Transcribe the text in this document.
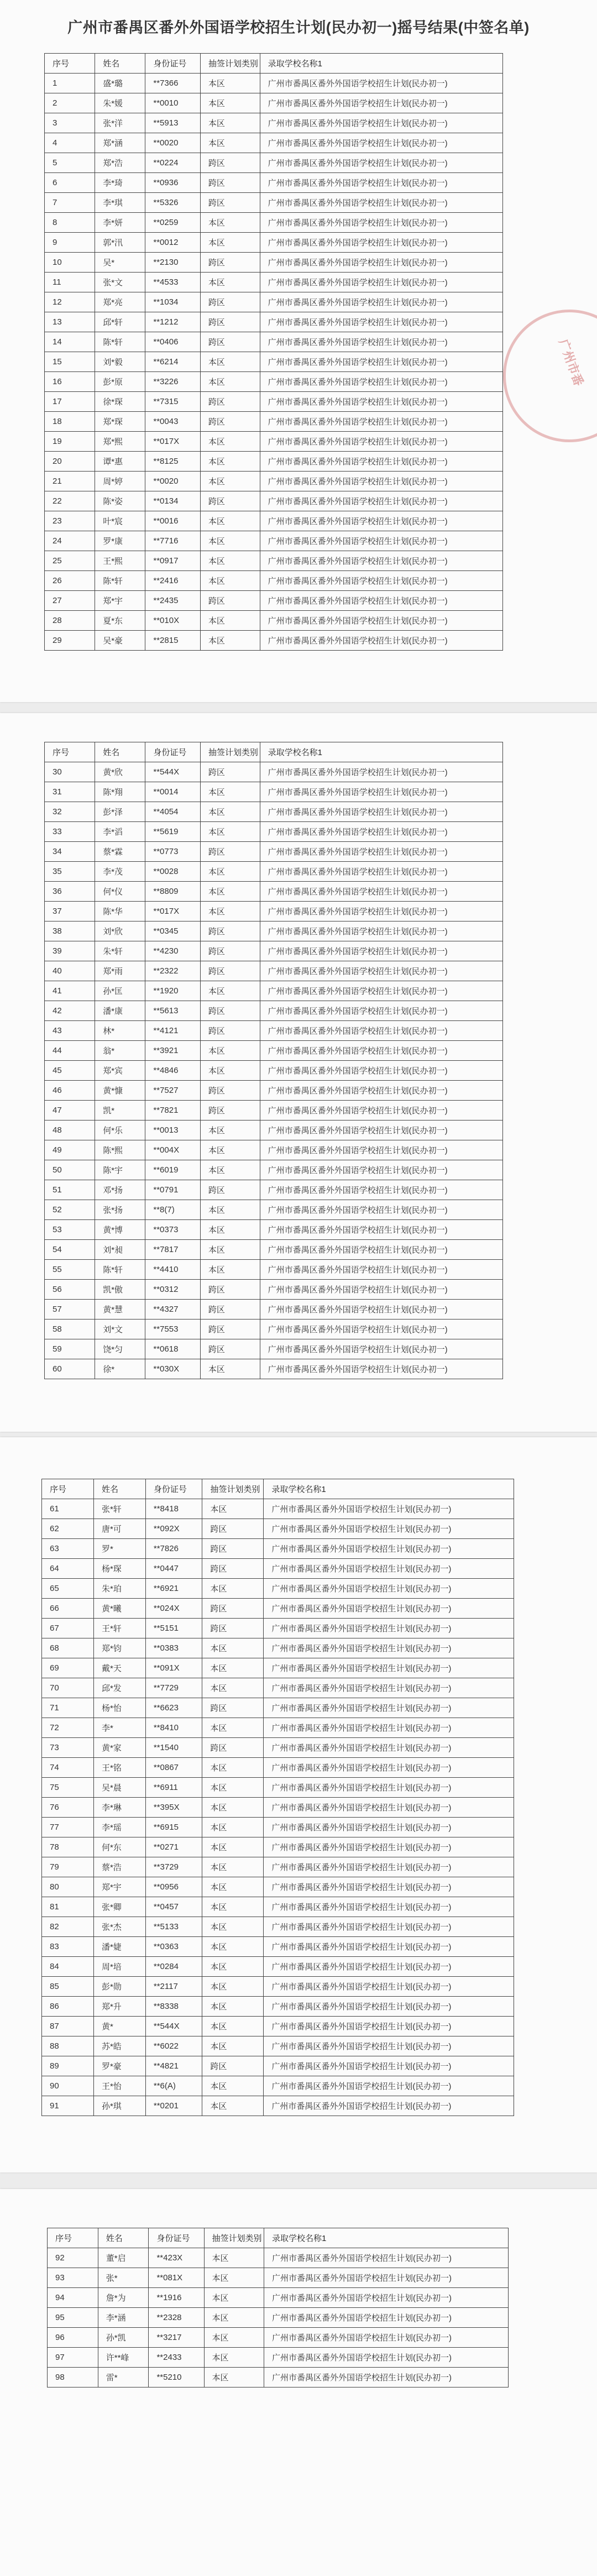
广州市番禺区番外外国语学校招生计划(民办初一)摇号结果(中签名单)
序号	姓名	身份证号	抽签计划类别	录取学校名称1
1	盛*璐	**7366	本区	广州市番禺区番外外国语学校招生计划(民办初一)
2	朱*媛	**0010	本区	广州市番禺区番外外国语学校招生计划(民办初一)
3	张*洋	**5913	本区	广州市番禺区番外外国语学校招生计划(民办初一)
4	郑*涵	**0020	本区	广州市番禺区番外外国语学校招生计划(民办初一)
5	郑*浩	**0224	跨区	广州市番禺区番外外国语学校招生计划(民办初一)
6	李*琦	**0936	跨区	广州市番禺区番外外国语学校招生计划(民办初一)
7	李*琪	**5326	跨区	广州市番禺区番外外国语学校招生计划(民办初一)
8	李*妍	**0259	本区	广州市番禺区番外外国语学校招生计划(民办初一)
9	郭*汛	**0012	本区	广州市番禺区番外外国语学校招生计划(民办初一)
10	吴*	**2130	跨区	广州市番禺区番外外国语学校招生计划(民办初一)
11	张*文	**4533	本区	广州市番禺区番外外国语学校招生计划(民办初一)
12	郑*亮	**1034	跨区	广州市番禺区番外外国语学校招生计划(民办初一)
13	邱*轩	**1212	跨区	广州市番禺区番外外国语学校招生计划(民办初一)
14	陈*轩	**0406	跨区	广州市番禺区番外外国语学校招生计划(民办初一)
15	刘*毅	**6214	本区	广州市番禺区番外外国语学校招生计划(民办初一)
16	彭*原	**3226	本区	广州市番禺区番外外国语学校招生计划(民办初一)
17	徐*琛	**7315	跨区	广州市番禺区番外外国语学校招生计划(民办初一)
18	郑*琛	**0043	跨区	广州市番禺区番外外国语学校招生计划(民办初一)
19	郑*熙	**017X	本区	广州市番禺区番外外国语学校招生计划(民办初一)
20	谭*惠	**8125	本区	广州市番禺区番外外国语学校招生计划(民办初一)
21	周*婷	**0020	本区	广州市番禺区番外外国语学校招生计划(民办初一)
22	陈*姿	**0134	跨区	广州市番禺区番外外国语学校招生计划(民办初一)
23	叶*宸	**0016	本区	广州市番禺区番外外国语学校招生计划(民办初一)
24	罗*康	**7716	本区	广州市番禺区番外外国语学校招生计划(民办初一)
25	王*熙	**0917	本区	广州市番禺区番外外国语学校招生计划(民办初一)
26	陈*轩	**2416	本区	广州市番禺区番外外国语学校招生计划(民办初一)
27	郑*宇	**2435	跨区	广州市番禺区番外外国语学校招生计划(民办初一)
28	夏*东	**010X	本区	广州市番禺区番外外国语学校招生计划(民办初一)
29	吴*豪	**2815	本区	广州市番禺区番外外国语学校招生计划(民办初一)
广州市番
序号	姓名	身份证号	抽签计划类别	录取学校名称1
30	黄*欣	**544X	跨区	广州市番禺区番外外国语学校招生计划(民办初一)
31	陈*翔	**0014	本区	广州市番禺区番外外国语学校招生计划(民办初一)
32	彭*泽	**4054	本区	广州市番禺区番外外国语学校招生计划(民办初一)
33	李*滔	**5619	本区	广州市番禺区番外外国语学校招生计划(民办初一)
34	蔡*霖	**0773	跨区	广州市番禺区番外外国语学校招生计划(民办初一)
35	李*茂	**0028	本区	广州市番禺区番外外国语学校招生计划(民办初一)
36	何*仪	**8809	本区	广州市番禺区番外外国语学校招生计划(民办初一)
37	陈*华	**017X	本区	广州市番禺区番外外国语学校招生计划(民办初一)
38	刘*欣	**0345	跨区	广州市番禺区番外外国语学校招生计划(民办初一)
39	朱*轩	**4230	跨区	广州市番禺区番外外国语学校招生计划(民办初一)
40	郑*雨	**2322	跨区	广州市番禺区番外外国语学校招生计划(民办初一)
41	孙*匡	**1920	本区	广州市番禺区番外外国语学校招生计划(民办初一)
42	潘*康	**5613	跨区	广州市番禺区番外外国语学校招生计划(民办初一)
43	林*	**4121	跨区	广州市番禺区番外外国语学校招生计划(民办初一)
44	翁*	**3921	本区	广州市番禺区番外外国语学校招生计划(民办初一)
45	郑*宾	**4846	本区	广州市番禺区番外外国语学校招生计划(民办初一)
46	黄*慷	**7527	跨区	广州市番禺区番外外国语学校招生计划(民办初一)
47	凯*	**7821	跨区	广州市番禺区番外外国语学校招生计划(民办初一)
48	何*乐	**0013	本区	广州市番禺区番外外国语学校招生计划(民办初一)
49	陈*熙	**004X	本区	广州市番禺区番外外国语学校招生计划(民办初一)
50	陈*宇	**6019	本区	广州市番禺区番外外国语学校招生计划(民办初一)
51	邓*扬	**0791	跨区	广州市番禺区番外外国语学校招生计划(民办初一)
52	张*扬	**8(7)	本区	广州市番禺区番外外国语学校招生计划(民办初一)
53	黄*博	**0373	本区	广州市番禺区番外外国语学校招生计划(民办初一)
54	刘*昶	**7817	本区	广州市番禺区番外外国语学校招生计划(民办初一)
55	陈*轩	**4410	本区	广州市番禺区番外外国语学校招生计划(民办初一)
56	凯*傲	**0312	跨区	广州市番禺区番外外国语学校招生计划(民办初一)
57	黄*慧	**4327	跨区	广州市番禺区番外外国语学校招生计划(民办初一)
58	刘*文	**7553	跨区	广州市番禺区番外外国语学校招生计划(民办初一)
59	饶*匀	**0618	跨区	广州市番禺区番外外国语学校招生计划(民办初一)
60	徐*	**030X	本区	广州市番禺区番外外国语学校招生计划(民办初一)
序号	姓名	身份证号	抽签计划类别	录取学校名称1
61	张*轩	**8418	本区	广州市番禺区番外外国语学校招生计划(民办初一)
62	唐*可	**092X	跨区	广州市番禺区番外外国语学校招生计划(民办初一)
63	罗*	**7826	跨区	广州市番禺区番外外国语学校招生计划(民办初一)
64	杨*琛	**0447	跨区	广州市番禺区番外外国语学校招生计划(民办初一)
65	朱*珀	**6921	本区	广州市番禺区番外外国语学校招生计划(民办初一)
66	黄*曦	**024X	跨区	广州市番禺区番外外国语学校招生计划(民办初一)
67	王*轩	**5151	跨区	广州市番禺区番外外国语学校招生计划(民办初一)
68	郑*钧	**0383	本区	广州市番禺区番外外国语学校招生计划(民办初一)
69	戴*天	**091X	本区	广州市番禺区番外外国语学校招生计划(民办初一)
70	邱*发	**7729	本区	广州市番禺区番外外国语学校招生计划(民办初一)
71	杨*怡	**6623	跨区	广州市番禺区番外外国语学校招生计划(民办初一)
72	李*	**8410	本区	广州市番禺区番外外国语学校招生计划(民办初一)
73	黄*家	**1540	跨区	广州市番禺区番外外国语学校招生计划(民办初一)
74	王*铭	**0867	本区	广州市番禺区番外外国语学校招生计划(民办初一)
75	吴*晨	**6911	本区	广州市番禺区番外外国语学校招生计划(民办初一)
76	李*琳	**395X	本区	广州市番禺区番外外国语学校招生计划(民办初一)
77	李*瑶	**6915	本区	广州市番禺区番外外国语学校招生计划(民办初一)
78	何*东	**0271	本区	广州市番禺区番外外国语学校招生计划(民办初一)
79	蔡*浩	**3729	本区	广州市番禺区番外外国语学校招生计划(民办初一)
80	郑*宇	**0956	本区	广州市番禺区番外外国语学校招生计划(民办初一)
81	张*卿	**0457	本区	广州市番禺区番外外国语学校招生计划(民办初一)
82	张*杰	**5133	本区	广州市番禺区番外外国语学校招生计划(民办初一)
83	潘*婕	**0363	本区	广州市番禺区番外外国语学校招生计划(民办初一)
84	周*培	**0284	本区	广州市番禺区番外外国语学校招生计划(民办初一)
85	彭*勋	**2117	本区	广州市番禺区番外外国语学校招生计划(民办初一)
86	郑*升	**8338	本区	广州市番禺区番外外国语学校招生计划(民办初一)
87	黄*	**544X	本区	广州市番禺区番外外国语学校招生计划(民办初一)
88	苏*皓	**6022	本区	广州市番禺区番外外国语学校招生计划(民办初一)
89	罗*豪	**4821	跨区	广州市番禺区番外外国语学校招生计划(民办初一)
90	王*怡	**6(A)	本区	广州市番禺区番外外国语学校招生计划(民办初一)
91	孙*琪	**0201	本区	广州市番禺区番外外国语学校招生计划(民办初一)
序号	姓名	身份证号	抽签计划类别	录取学校名称1
92	董*启	**423X	本区	广州市番禺区番外外国语学校招生计划(民办初一)
93	张*	**081X	本区	广州市番禺区番外外国语学校招生计划(民办初一)
94	詹*为	**1916	本区	广州市番禺区番外外国语学校招生计划(民办初一)
95	李*涵	**2328	本区	广州市番禺区番外外国语学校招生计划(民办初一)
96	孙*凯	**3217	本区	广州市番禺区番外外国语学校招生计划(民办初一)
97	许**峰	**2433	本区	广州市番禺区番外外国语学校招生计划(民办初一)
98	雷*	**5210	本区	广州市番禺区番外外国语学校招生计划(民办初一)
